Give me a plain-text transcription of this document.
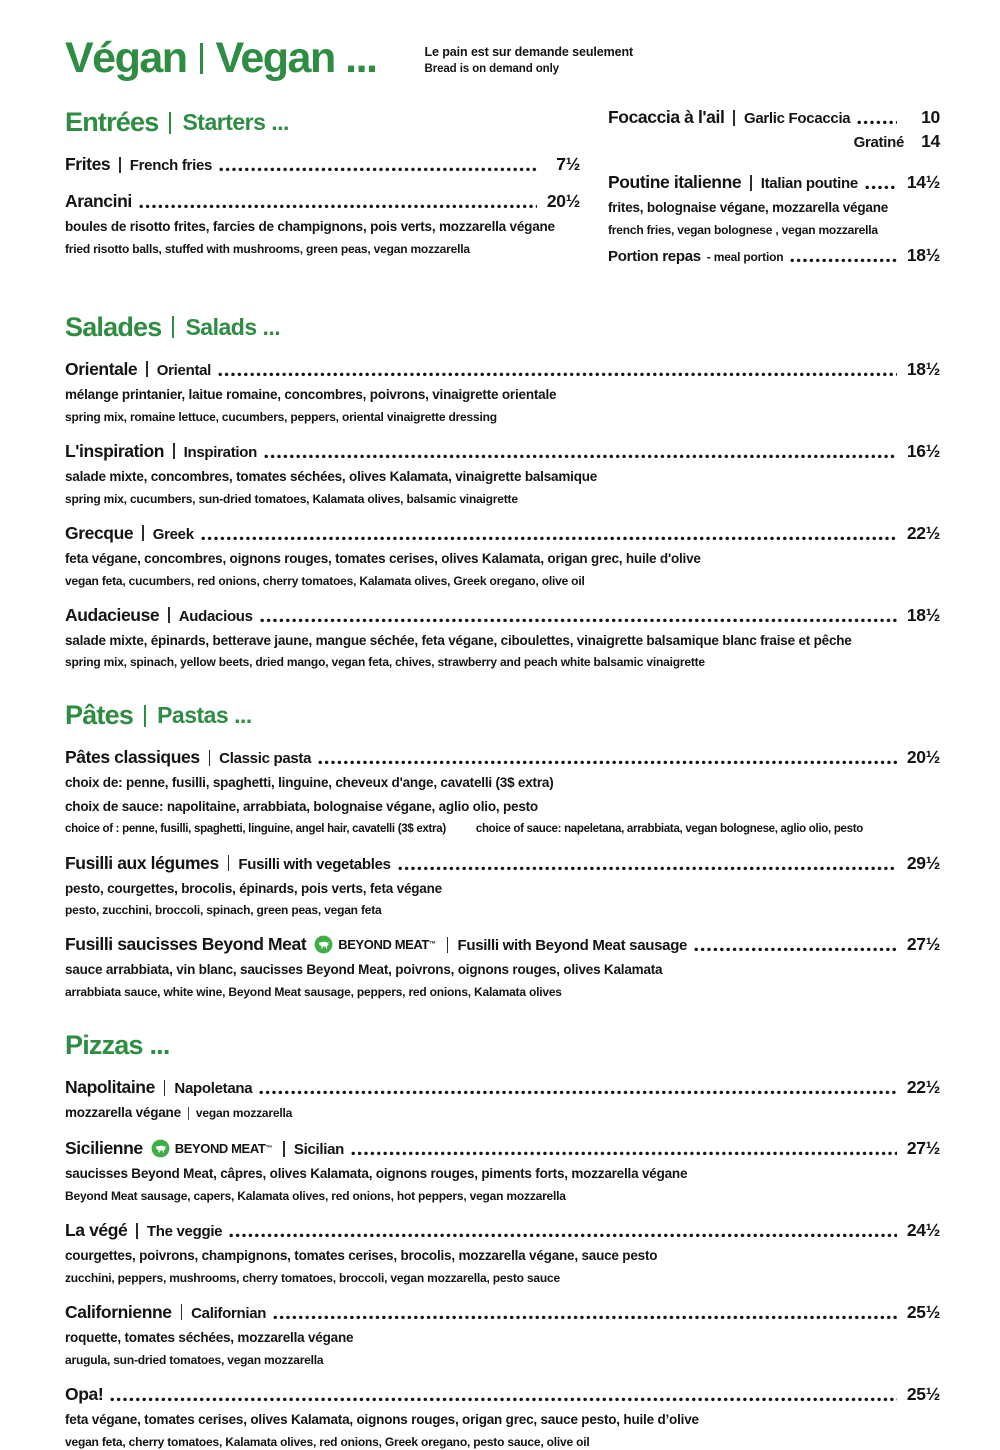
Végan Vegan ...	Le pain est sur demande seulement
Bread is on demand only
Entrées Starters ...
Frites French fries	7½
Arancini	20½
boules de risotto frites, farcies de champignons, pois verts, mozzarella végane
fried risotto balls, stuffed with mushrooms, green peas, vegan mozzarella
Focaccia à l'ail Garlic Focaccia	10
Gratiné 14
Poutine italienne Italian poutine	14½
frites, bolognaise végane, mozzarella végane
french fries, vegan bolognese , vegan mozzarella
Portion repas - meal portion	18½
Salades Salads ...
Orientale Oriental	18½
mélange printanier, laitue romaine, concombres, poivrons, vinaigrette orientale
spring mix, romaine lettuce, cucumbers, peppers, oriental vinaigrette dressing
L'inspiration Inspiration	16½
salade mixte, concombres, tomates séchées, olives Kalamata, vinaigrette balsamique
spring mix, cucumbers, sun-dried tomatoes, Kalamata olives, balsamic vinaigrette
Grecque Greek	22½
feta végane, concombres, oignons rouges, tomates cerises, olives Kalamata, origan grec, huile d'olive
vegan feta, cucumbers, red onions, cherry tomatoes, Kalamata olives, Greek oregano, olive oil
Audacieuse Audacious	18½
salade mixte, épinards, betterave jaune, mangue séchée, feta végane, ciboulettes, vinaigrette balsamique blanc fraise et pêche
spring mix, spinach, yellow beets, dried mango, vegan feta, chives, strawberry and peach white balsamic vinaigrette
Pâtes Pastas ...
Pâtes classiques Classic pasta	20½
choix de: penne, fusilli, spaghetti, linguine, cheveux d'ange, cavatelli (3$ extra)
choix de sauce: napolitaine, arrabbiata, bolognaise végane, aglio olio, pesto
choice of : penne, fusilli, spaghetti, linguine, angel hair, cavatelli (3$ extra)	choice of sauce: napeletana, arrabbiata, vegan bolognese, aglio olio, pesto
Fusilli aux légumes Fusilli with vegetables	29½
pesto, courgettes, brocolis, épinards, pois verts, feta végane
pesto, zucchini, broccoli, spinach, green peas, vegan feta
Fusilli saucisses Beyond Meat BEYOND MEAT ™ Fusilli with Beyond Meat sausage	27½
sauce arrabbiata, vin blanc, saucisses Beyond Meat, poivrons, oignons rouges, olives Kalamata
arrabbiata sauce, white wine, Beyond Meat sausage, peppers, red onions, Kalamata olives
Pizzas ...
Napolitaine Napoletana	22½
mozzarella végane vegan mozzarella
Sicilienne BEYOND MEAT ™ Sicilian	27½
saucisses Beyond Meat, câpres, olives Kalamata, oignons rouges, piments forts, mozzarella végane
Beyond Meat sausage, capers, Kalamata olives, red onions, hot peppers, vegan mozzarella
La végé The veggie	24½
courgettes, poivrons, champignons, tomates cerises, brocolis, mozzarella végane, sauce pesto
zucchini, peppers, mushrooms, cherry tomatoes, broccoli, vegan mozzarella, pesto sauce
Californienne Californian	25½
roquette, tomates séchées, mozzarella végane
arugula, sun-dried tomatoes, vegan mozzarella
Opa!	25½
feta végane, tomates cerises, olives Kalamata, oignons rouges, origan grec, sauce pesto, huile d’olive
vegan feta, cherry tomatoes, Kalamata olives, red onions, Greek oregano, pesto sauce, olive oil
